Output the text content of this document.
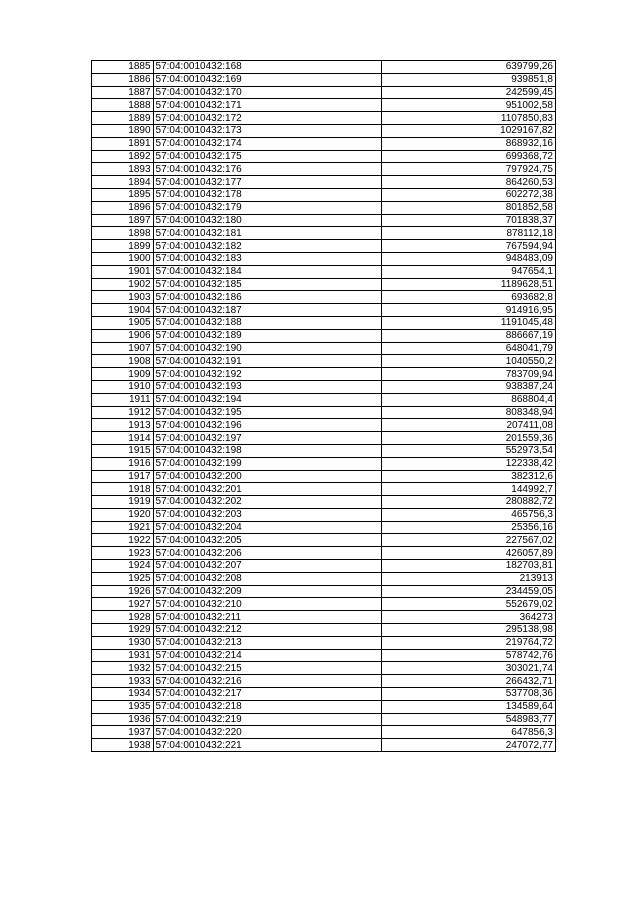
1885	57:04:0010432:168	639799,26
1886	57:04:0010432:169	939851,8
1887	57:04:0010432:170	242599,45
1888	57:04:0010432:171	951002,58
1889	57:04:0010432:172	1107850,83
1890	57:04:0010432:173	1029167,82
1891	57:04:0010432:174	868932,16
1892	57:04:0010432:175	699368,72
1893	57:04:0010432:176	797924,75
1894	57:04:0010432:177	864260,53
1895	57:04:0010432:178	602272,38
1896	57:04:0010432:179	801852,58
1897	57:04:0010432:180	701838,37
1898	57:04:0010432:181	878112,18
1899	57:04:0010432:182	767594,94
1900	57:04:0010432:183	948483,09
1901	57:04:0010432:184	947654,1
1902	57:04:0010432:185	1189628,51
1903	57:04:0010432:186	693682,8
1904	57:04:0010432:187	914916,95
1905	57:04:0010432:188	1191045,48
1906	57:04:0010432:189	886667,19
1907	57:04:0010432:190	648041,79
1908	57:04:0010432:191	1040550,2
1909	57:04:0010432:192	783709,94
1910	57:04:0010432:193	938387,24
1911	57:04:0010432:194	868804,4
1912	57:04:0010432:195	808348,94
1913	57:04:0010432:196	207411,08
1914	57:04:0010432:197	201559,36
1915	57:04:0010432:198	552973,54
1916	57:04:0010432:199	122338,42
1917	57:04:0010432:200	382312,6
1918	57:04:0010432:201	144992,7
1919	57:04:0010432:202	280882,72
1920	57:04:0010432:203	465756,3
1921	57:04:0010432:204	25356,16
1922	57:04:0010432:205	227567,02
1923	57:04:0010432:206	426057,89
1924	57:04:0010432:207	182703,81
1925	57:04:0010432:208	213913
1926	57:04:0010432:209	234459,05
1927	57:04:0010432:210	552679,02
1928	57:04:0010432:211	364273
1929	57:04:0010432:212	295138,98
1930	57:04:0010432:213	219764,72
1931	57:04:0010432:214	578742,76
1932	57:04:0010432:215	303021,74
1933	57:04:0010432:216	266432,71
1934	57:04:0010432:217	537708,36
1935	57:04:0010432:218	134589,64
1936	57:04:0010432:219	548983,77
1937	57:04:0010432:220	647856,3
1938	57:04:0010432:221	247072,77
